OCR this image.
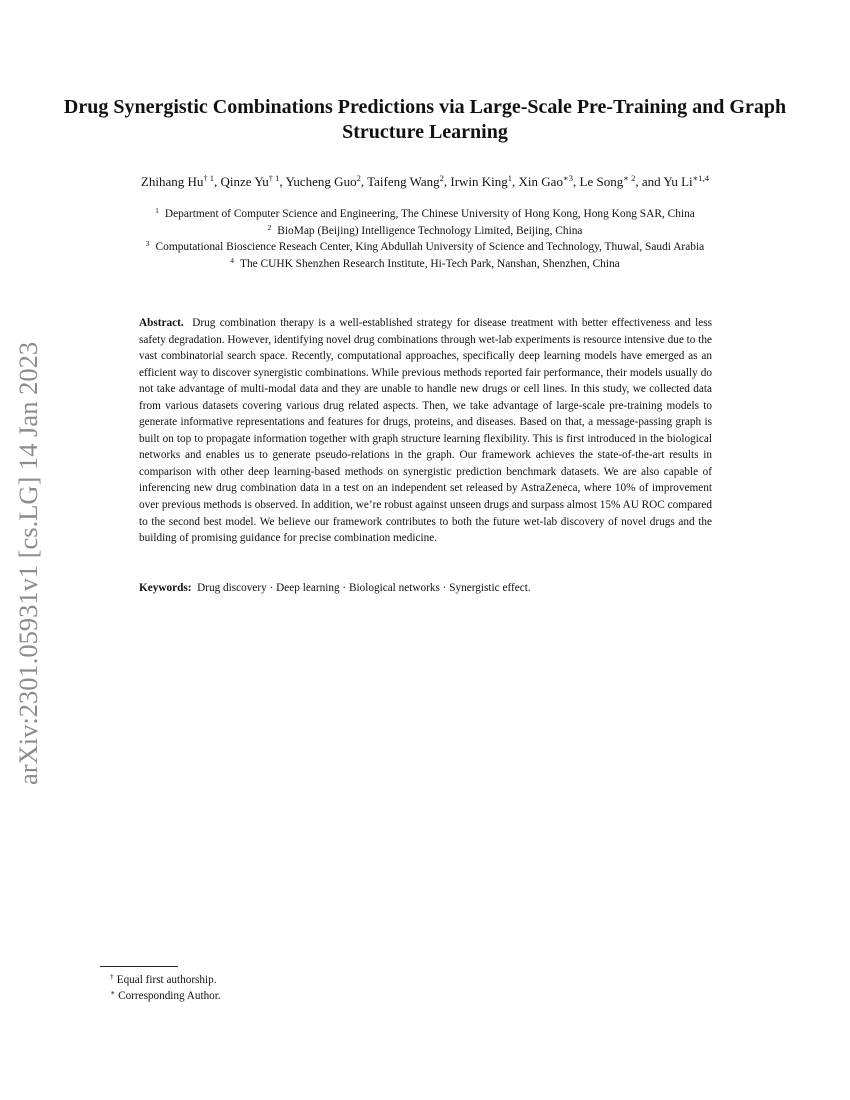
arXiv:2301.05931v1 [cs.LG] 14 Jan 2023
Drug Synergistic Combinations Predictions via Large-Scale Pre-Training and Graph Structure Learning
Zhihang Hu$^{\dagger 1}$, Qinze Yu$^{\dagger 1}$, Yucheng Guo$^2$, Taifeng Wang$^2$, Irwin King$^1$, Xin Gao$^{∗3}$, Le Song$^{∗ 2}$, and Yu $Li^{∗1,4}$
$^1$ Department of Computer Science and Engineering, The Chinese University of Hong Kong, Hong Kong SAR, China
$^2$ BioMap (Beijing) Intelligence Technology Limited, Beijing, China
$^3$ Computational Bioscience Reseach Center, King Abdullah University of Science and Technology, Thuwal, Saudi Arabia
$^4$ The CUHK Shenzhen Research Institute, Hi-Tech Park, Nanshan, Shenzhen, China

Abstract. Drug combination therapy is a well-established strategy for disease treatment with better effectiveness and less safety degradation. However, identifying novel drug combinations through wet-lab experiments is resource intensive due to the vast combinatorial search space. Recently, computational approaches, specifically deep learning models have emerged as an efficient way to discover synergistic combinations. While previous methods reported fair performance, their models usually do not take advantage of multi-modal data and they are unable to handle new drugs or cell lines. In this study, we collected data from various datasets covering various drug related aspects. Then, we take advantage of large-scale pre-training models to generate informative representations and features for drugs, proteins, and diseases. Based on that, a message-passing graph is built on top to propagate information together with graph structure learning flexibility. This is first introduced in the biological networks and enables us to generate pseudo-relations in the graph. Our framework achieves the state-of-the-art results in comparison with other deep learning-based methods on synergistic prediction benchmark datasets. We are also capable of inferencing new drug combination data in a test on an independent set released by AstraZeneca, where 10% of improvement over previous methods is observed. In addition, we’re robust against unseen drugs and surpass almost 15% AU ROC compared to the second best model. We believe our framework contributes to both the future wet-lab discovery of novel drugs and the building of promising guidance for precise combination medicine.

Keywords: Drug discovery · Deep learning · Biological networks · Synergistic effect.

† Equal first authorship.
∗ Corresponding Author.
